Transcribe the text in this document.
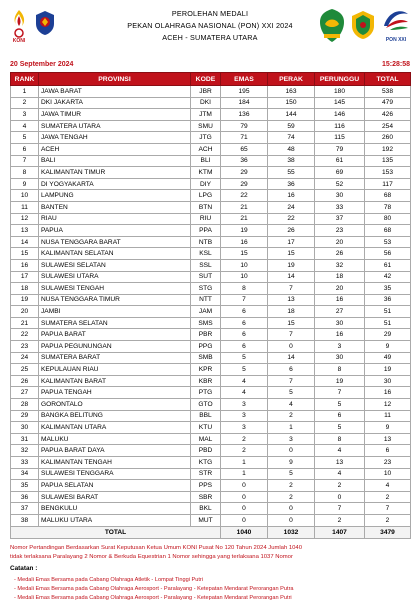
KONI
PEROLEHAN MEDALI
PEKAN OLAHRAGA NASIONAL (PON) XXI 2024
ACEH - SUMATERA UTARA	PON XXI
20 September 2024	15:28:58
RANK	PROVINSI	KODE	EMAS	PERAK	PERUNGGU	TOTAL
1	JAWA BARAT	JBR	195	163	180	538
2	DKI JAKARTA	DKI	184	150	145	479
3	JAWA TIMUR	JTM	136	144	146	426
4	SUMATERA UTARA	SMU	79	59	116	254
5	JAWA TENGAH	JTG	71	74	115	260
6	ACEH	ACH	65	48	79	192
7	BALI	BLI	36	38	61	135
8	KALIMANTAN TIMUR	KTM	29	55	69	153
9	DI YOGYAKARTA	DIY	29	36	52	117
10	LAMPUNG	LPG	22	16	30	68
11	BANTEN	BTN	21	24	33	78
12	RIAU	RIU	21	22	37	80
13	PAPUA	PPA	19	26	23	68
14	NUSA TENGGARA BARAT	NTB	16	17	20	53
15	KALIMANTAN SELATAN	KSL	15	15	26	56
16	SULAWESI SELATAN	SSL	10	19	32	61
17	SULAWESI UTARA	SUT	10	14	18	42
18	SULAWESI TENGAH	STG	8	7	20	35
19	NUSA TENGGARA TIMUR	NTT	7	13	16	36
20	JAMBI	JAM	6	18	27	51
21	SUMATERA SELATAN	SMS	6	15	30	51
22	PAPUA BARAT	PBR	6	7	16	29
23	PAPUA PEGUNUNGAN	PPG	6	0	3	9
24	SUMATERA BARAT	SMB	5	14	30	49
25	KEPULAUAN RIAU	KPR	5	6	8	19
26	KALIMANTAN BARAT	KBR	4	7	19	30
27	PAPUA TENGAH	PTG	4	5	7	16
28	GORONTALO	GTO	3	4	5	12
29	BANGKA BELITUNG	BBL	3	2	6	11
30	KALIMANTAN UTARA	KTU	3	1	5	9
31	MALUKU	MAL	2	3	8	13
32	PAPUA BARAT DAYA	PBD	2	0	4	6
33	KALIMANTAN TENGAH	KTG	1	9	13	23
34	SULAWESI TENGGARA	STR	1	5	4	10
35	PAPUA SELATAN	PPS	0	2	2	4
36	SULAWESI BARAT	SBR	0	2	0	2
37	BENGKULU	BKL	0	0	7	7
38	MALUKU UTARA	MUT	0	0	2	2
TOTAL			1040	1032	1407	3479
Nomor Pertandingan Berdasarkan Surat Keputusan Ketua Umum KONI Pusat No 120 Tahun 2024 Jumlah 1040
tidak terlaksana Paralayang 2 Nomor & Berkuda Equestrian 1 Nomor sehingga yang terlaksana 1037 Nomor
Catatan :
- Medali Emas Bersama pada Cabang Olahraga Atletik - Lompat Tinggi Putri
- Medali Emas Bersama pada Cabang Olahraga Aerosport - Paralayang - Ketepatan Mendarat Perorangan Putra
- Medali Emas Bersama pada Cabang Olahraga Aerosport - Paralayang - Ketepatan Mendarat Perorangan Putri
